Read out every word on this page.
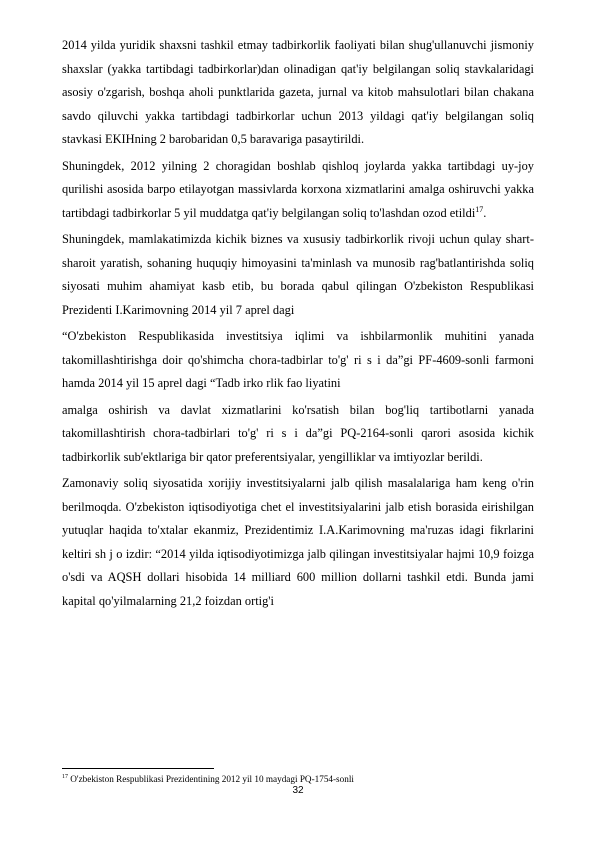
2014 yilda yuridik shaxsni tashkil etmay tadbirkorlik faoliyati bilan shug'ullanuvchi jismoniy shaxslar (yakka tartibdagi tadbirkorlar)dan olinadigan qat'iy belgilangan soliq stavkalaridagi asosiy o'zgarish, boshqa aholi punktlarida gazeta, jurnal va kitob mahsulotlari bilan chakana savdo qiluvchi yakka tartibdagi tadbirkorlar uchun 2013 yildagi qat'iy belgilangan soliq stavkasi EKIHning 2 barobaridan 0,5 baravariga pasaytirildi.

Shuningdek, 2012 yilning 2 choragidan boshlab qishloq joylarda yakka tartibdagi uy-joy qurilishi asosida barpo etilayotgan massivlarda korxona xizmatlarini amalga oshiruvchi yakka tartibdagi tadbirkorlar 5 yil muddatga qat'iy belgilangan soliq to'lashdan ozod etildi$^{17}$.

Shuningdek, mamlakatimizda kichik biznes va xususiy tadbirkorlik rivoji uchun qulay shart-sharoit yaratish, sohaning huquqiy himoyasini ta'minlash va munosib rag'batlantirishda soliq siyosati muhim ahamiyat kasb etib, bu borada qabul qilingan O'zbekiston Respublikasi Prezidenti I.Karimovning 2014 yil 7 aprel dagi

“O'zbekiston Respublikasida investitsiya iqlimi va ishbilarmonlik muhitini yanada takomillashtirishga doir qo'shimcha chora-tadbirlar to'g' ri s i da”gi PF-4609-sonli farmoni hamda 2014 yil 15 aprel dagi “Tadb irko rlik fao liyatini

amalga oshirish va davlat xizmatlarini ko'rsatish bilan bog'liq tartibotlarni yanada takomillashtirish chora-tadbirlari to'g' ri s i da”gi PQ-2164-sonli qarori asosida kichik tadbirkorlik sub'ektlariga bir qator preferentsiyalar, yengilliklar va imtiyozlar berildi.

Zamonaviy soliq siyosatida xorijiy investitsiyalarni jalb qilish masalalariga ham keng o'rin berilmoqda. O'zbekiston iqtisodiyotiga chet el investitsiyalarini jalb etish borasida eirishilgan yutuqlar haqida to'xtalar ekanmiz, Prezidentimiz I.A.Karimovning ma'ruzas idagi fikrlarini keltiri sh j o izdir: “2014 yilda iqtisodiyotimizga jalb qilingan investitsiyalar hajmi 10,9 foizga o'sdi va AQSH dollari hisobida 14 milliard 600 million dollarni tashkil etdi. Bunda jami kapital qo'yilmalarning 21,2 foizdan ortig'i

$^{17}$ O'zbekiston Respublikasi Prezidentining 2012 yil 10 maydagi PQ-1754-sonli
32
